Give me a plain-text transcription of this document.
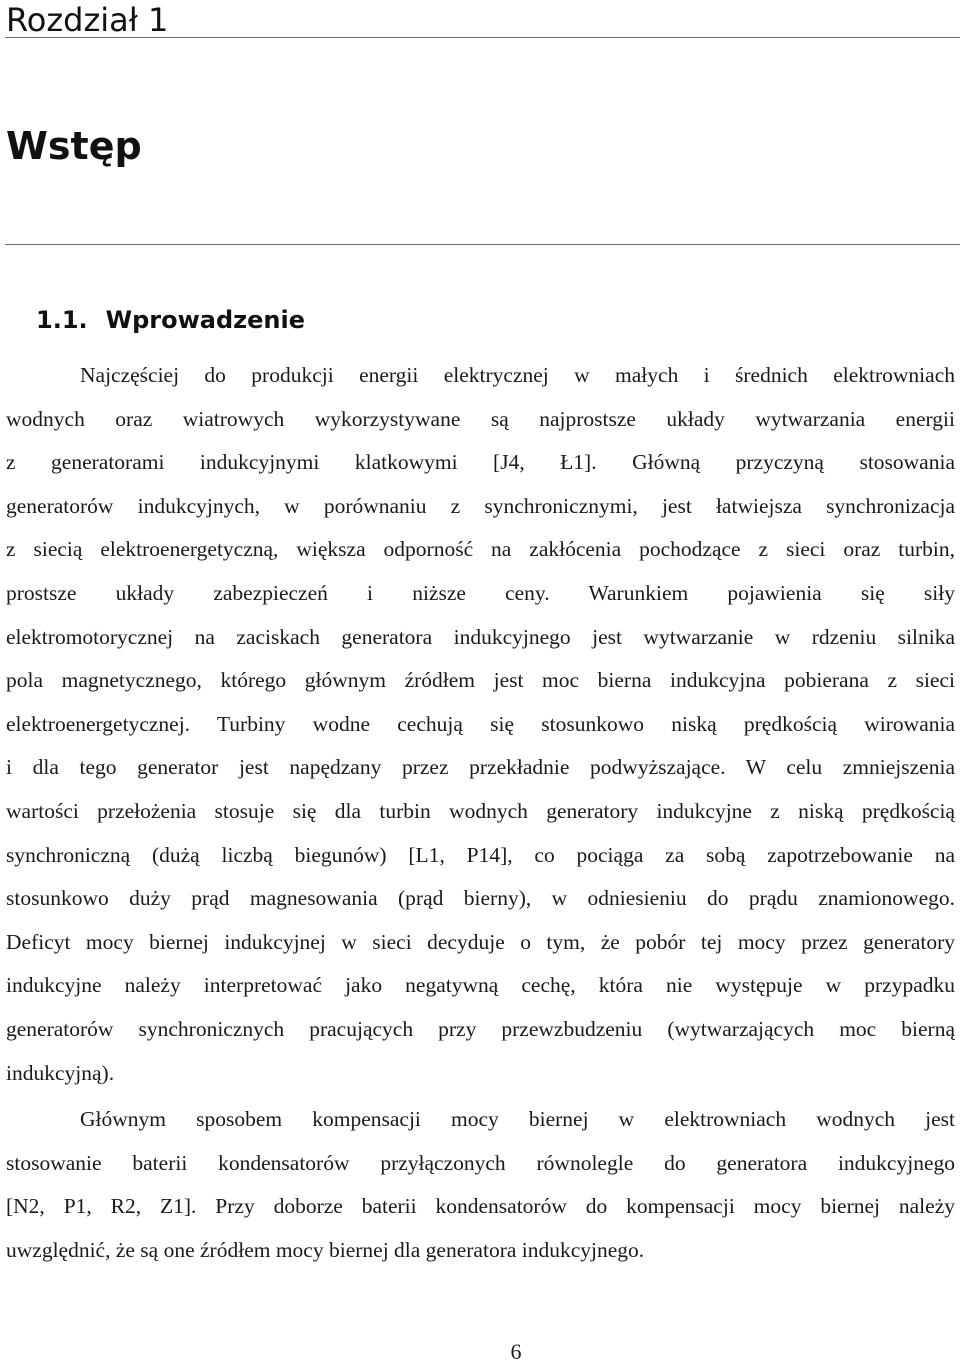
Rozdział 1
Wstęp
1.1. Wprowadzenie
Najczęściej do produkcji energii elektrycznej w małych i średnich elektrowniach
wodnych oraz wiatrowych wykorzystywane są najprostsze układy wytwarzania energii
z generatorami indukcyjnymi klatkowymi [J4, Ł1]. Główną przyczyną stosowania
generatorów indukcyjnych, w porównaniu z synchronicznymi, jest łatwiejsza synchronizacja
z siecią elektroenergetyczną, większa odporność na zakłócenia pochodzące z sieci oraz turbin,
prostsze układy zabezpieczeń i niższe ceny. Warunkiem pojawienia się siły
elektromotorycznej na zaciskach generatora indukcyjnego jest wytwarzanie w rdzeniu silnika
pola magnetycznego, którego głównym źródłem jest moc bierna indukcyjna pobierana z sieci
elektroenergetycznej. Turbiny wodne cechują się stosunkowo niską prędkością wirowania
i dla tego generator jest napędzany przez przekładnie podwyższające. W celu zmniejszenia
wartości przełożenia stosuje się dla turbin wodnych generatory indukcyjne z niską prędkością
synchroniczną (dużą liczbą biegunów) [L1, P14], co pociąga za sobą zapotrzebowanie na
stosunkowo duży prąd magnesowania (prąd bierny), w odniesieniu do prądu znamionowego.
Deficyt mocy biernej indukcyjnej w sieci decyduje o tym, że pobór tej mocy przez generatory
indukcyjne należy interpretować jako negatywną cechę, która nie występuje w przypadku
generatorów synchronicznych pracujących przy przewzbudzeniu (wytwarzających moc bierną
indukcyjną).
Głównym sposobem kompensacji mocy biernej w elektrowniach wodnych jest
stosowanie baterii kondensatorów przyłączonych równolegle do generatora indukcyjnego
[N2, P1, R2, Z1]. Przy doborze baterii kondensatorów do kompensacji mocy biernej należy
uwzględnić, że są one źródłem mocy biernej dla generatora indukcyjnego.
6
